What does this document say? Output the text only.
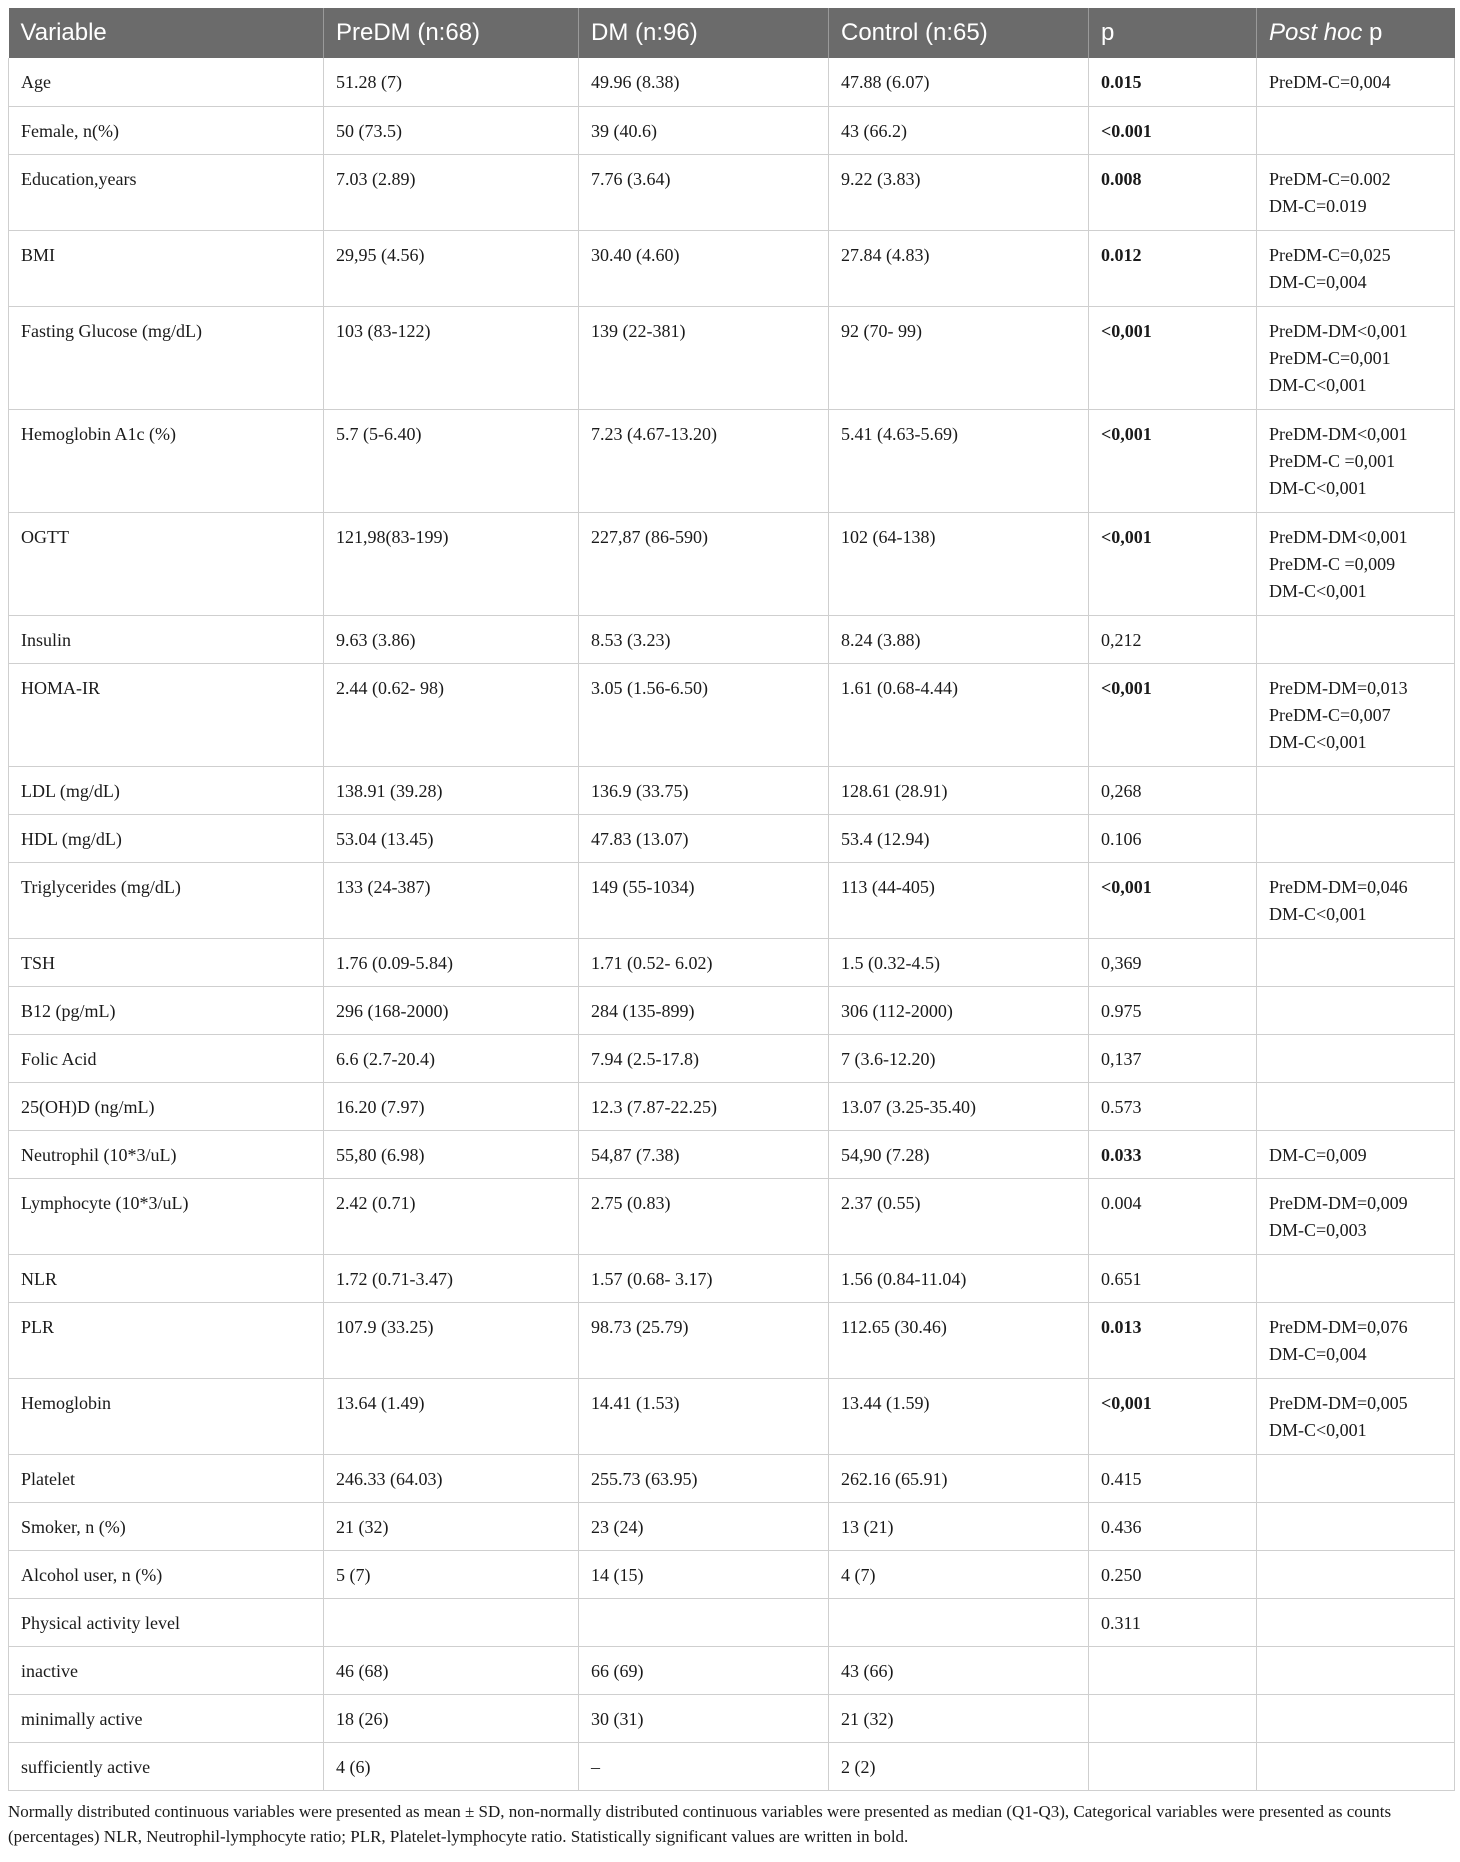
Variable	PreDM (n:68)	DM (n:96)	Control (n:65)	p	Post hoc p
Age	51.28 (7)	49.96 (8.38)	47.88 (6.07)	0.015	PreDM-C=0,004

Female, n(%)	50 (73.5)	39 (40.6)	43 (66.2)	<0.001	
Education,years	7.03 (2.89)	7.76 (3.64)	9.22 (3.83)	0.008	PreDM-C=0.002
DM-C=0.019

BMI	29,95 (4.56)	30.40 (4.60)	27.84 (4.83)	0.012	PreDM-C=0,025
DM-C=0,004

Fasting Glucose (mg/dL)	103 (83-122)	139 (22-381)	92 (70- 99)	<0,001	PreDM-DM<0,001
PreDM-C=0,001
DM-C<0,001

Hemoglobin A1c (%)	5.7 (5-6.40)	7.23 (4.67-13.20)	5.41 (4.63-5.69)	<0,001	PreDM-DM<0,001
PreDM-C =0,001
DM-C<0,001

OGTT	121,98(83-199)	227,87 (86-590)	102 (64-138)	<0,001	PreDM-DM<0,001
PreDM-C =0,009
DM-C<0,001

Insulin	9.63 (3.86)	8.53 (3.23)	8.24 (3.88)	0,212	
HOMA-IR	2.44 (0.62- 98)	3.05 (1.56-6.50)	1.61 (0.68-4.44)	<0,001	PreDM-DM=0,013
PreDM-C=0,007
DM-C<0,001

LDL (mg/dL)	138.91 (39.28)	136.9 (33.75)	128.61 (28.91)	0,268	
HDL (mg/dL)	53.04 (13.45)	47.83 (13.07)	53.4 (12.94)	0.106	
Triglycerides (mg/dL)	133 (24-387)	149 (55-1034)	113 (44-405)	<0,001	PreDM-DM=0,046
DM-C<0,001

TSH	1.76 (0.09-5.84)	1.71 (0.52- 6.02)	1.5 (0.32-4.5)	0,369	
B12 (pg/mL)	296 (168-2000)	284 (135-899)	306 (112-2000)	0.975	
Folic Acid	6.6 (2.7-20.4)	7.94 (2.5-17.8)	7 (3.6-12.20)	0,137	
25(OH)D (ng/mL)	16.20 (7.97)	12.3 (7.87-22.25)	13.07 (3.25-35.40)	0.573	
Neutrophil (10*3/uL)	55,80 (6.98)	54,87 (7.38)	54,90 (7.28)	0.033	DM-C=0,009

Lymphocyte (10*3/uL)	2.42 (0.71)	2.75 (0.83)	2.37 (0.55)	0.004	PreDM-DM=0,009
DM-C=0,003

NLR	1.72 (0.71-3.47)	1.57 (0.68- 3.17)	1.56 (0.84-11.04)	0.651	
PLR	107.9 (33.25)	98.73 (25.79)	112.65 (30.46)	0.013	PreDM-DM=0,076
DM-C=0,004

Hemoglobin	13.64 (1.49)	14.41 (1.53)	13.44 (1.59)	<0,001	PreDM-DM=0,005
DM-C<0,001

Platelet	246.33 (64.03)	255.73 (63.95)	262.16 (65.91)	0.415	
Smoker, n (%)	21 (32)	23 (24)	13 (21)	0.436	
Alcohol user, n (%)	5 (7)	14 (15)	4 (7)	0.250	
Physical activity level				0.311	
inactive	46 (68)	66 (69)	43 (66)		
minimally active	18 (26)	30 (31)	21 (32)		
sufficiently active	4 (6)	–	2 (2)		
Normally distributed continuous variables were presented as mean ± SD, non-normally distributed continuous variables were presented as median (Q1-Q3), Categorical variables were presented as counts (percentages) NLR, Neutrophil-lymphocyte ratio; PLR, Platelet-lymphocyte ratio. Statistically significant values are written in bold.
